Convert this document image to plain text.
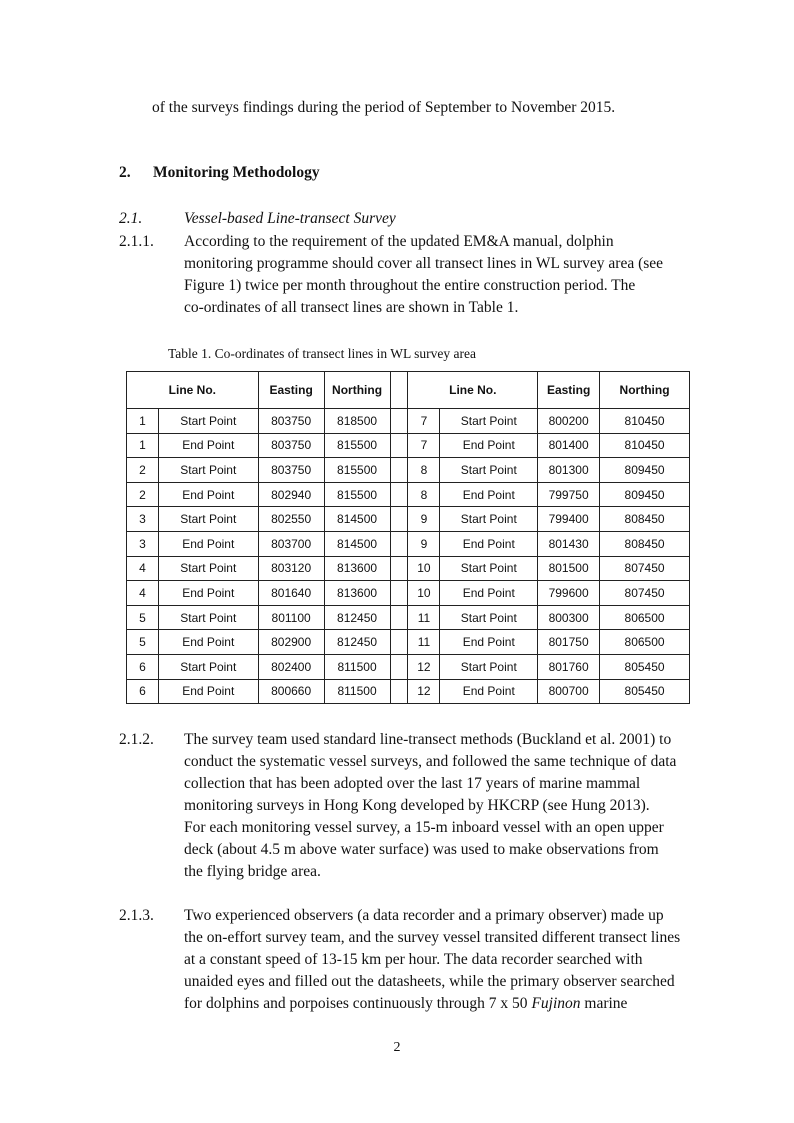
of the surveys findings during the period of September to November 2015.
2. Monitoring Methodology
2.1.	Vessel-based Line-transect Survey
2.1.1. According to the requirement of the updated EM&A manual, dolphin
monitoring programme should cover all transect lines in WL survey area (see
Figure 1) twice per month throughout the entire construction period. The
co-ordinates of all transect lines are shown in Table 1.
Table 1. Co-ordinates of transect lines in WL survey area
Line No.		Easting	Northing		Line No.		Easting	Northing
1	Start Point	803750	818500		7	Start Point	800200	810450
1	End Point	803750	815500		7	End Point	801400	810450
2	Start Point	803750	815500		8	Start Point	801300	809450
2	End Point	802940	815500		8	End Point	799750	809450
3	Start Point	802550	814500		9	Start Point	799400	808450
3	End Point	803700	814500		9	End Point	801430	808450
4	Start Point	803120	813600		10	Start Point	801500	807450
4	End Point	801640	813600		10	End Point	799600	807450
5	Start Point	801100	812450		11	Start Point	800300	806500
5	End Point	802900	812450		11	End Point	801750	806500
6	Start Point	802400	811500		12	Start Point	801760	805450
6	End Point	800660	811500		12	End Point	800700	805450
2.1.2. The survey team used standard line-transect methods (Buckland et al. 2001) to
conduct the systematic vessel surveys, and followed the same technique of data
collection that has been adopted over the last 17 years of marine mammal
monitoring surveys in Hong Kong developed by HKCRP (see Hung 2013).
For each monitoring vessel survey, a 15-m inboard vessel with an open upper
deck (about 4.5 m above water surface) was used to make observations from
the flying bridge area.
2.1.3. Two experienced observers (a data recorder and a primary observer) made up
the on-effort survey team, and the survey vessel transited different transect lines
at a constant speed of 13-15 km per hour. The data recorder searched with
unaided eyes and filled out the datasheets, while the primary observer searched
for dolphins and porpoises continuously through 7 x 50 Fujinon marine
2
